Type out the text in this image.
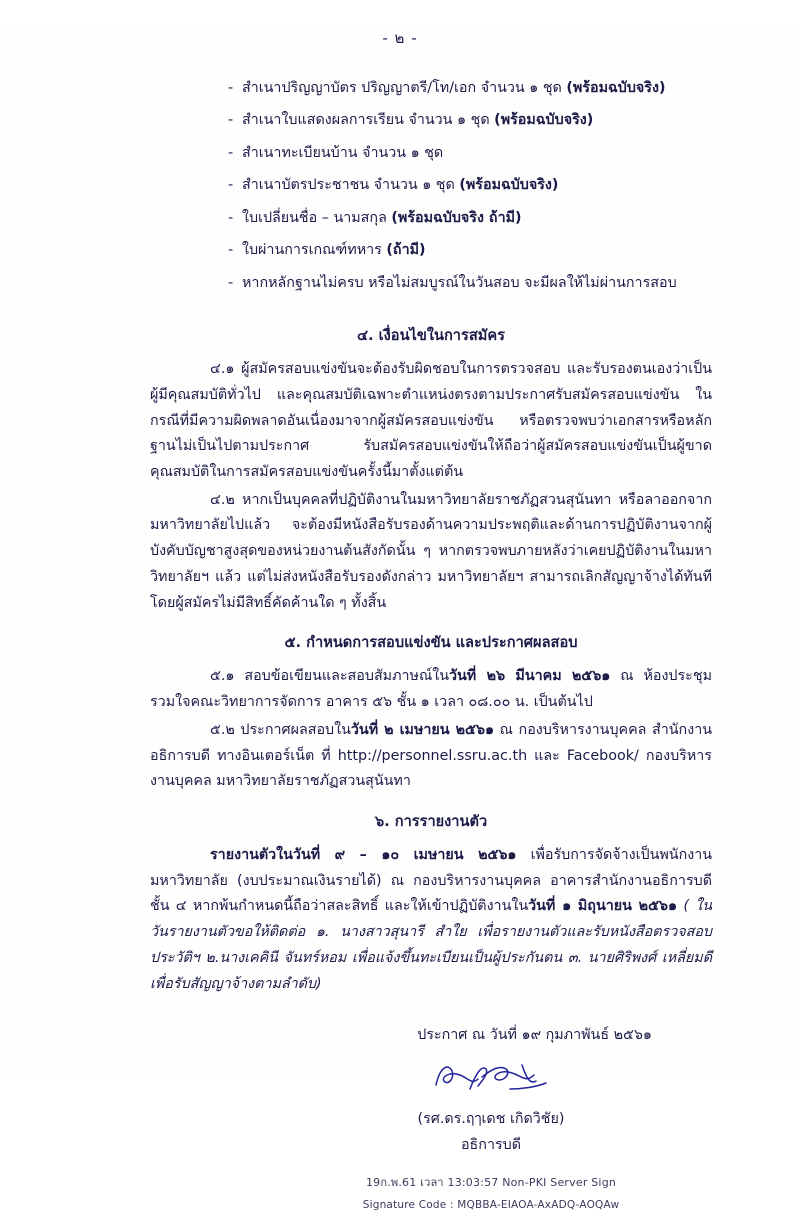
- ๒ -
- สำเนาปริญญาบัตร ปริญญาตรี/โท/เอก จำนวน ๑ ชุด (พร้อมฉบับจริง)
- สำเนาใบแสดงผลการเรียน จำนวน ๑ ชุด (พร้อมฉบับจริง)
- สำเนาทะเบียนบ้าน จำนวน ๑ ชุด
- สำเนาบัตรประชาชน จำนวน ๑ ชุด (พร้อมฉบับจริง)
- ใบเปลี่ยนชื่อ – นามสกุล (พร้อมฉบับจริง ถ้ามี)
- ใบผ่านการเกณฑ์ทหาร (ถ้ามี)
- หากหลักฐานไม่ครบ หรือไม่สมบูรณ์ในวันสอบ จะมีผลให้ไม่ผ่านการสอบ
๔. เงื่อนไขในการสมัคร
๔.๑ ผู้สมัครสอบแข่งขันจะต้องรับผิดชอบในการตรวจสอบ และรับรองตนเองว่าเป็นผู้มีคุณสมบัติทั่วไป และคุณสมบัติเฉพาะตำแหน่งตรงตามประกาศรับสมัครสอบแข่งขัน ในกรณีที่มีความผิดพลาดอันเนื่องมาจากผู้สมัครสอบแข่งขัน หรือตรวจพบว่าเอกสารหรือหลักฐานไม่เป็นไปตามประกาศ รับสมัครสอบแข่งขันให้ถือว่าผู้สมัครสอบแข่งขันเป็นผู้ขาดคุณสมบัติในการสมัครสอบแข่งขันครั้งนี้มาตั้งแต่ต้น
๔.๒ หากเป็นบุคคลที่ปฏิบัติงานในมหาวิทยาลัยราชภัฏสวนสุนันทา หรือลาออกจากมหาวิทยาลัยไปแล้ว จะต้องมีหนังสือรับรองด้านความประพฤติและด้านการปฏิบัติงานจากผู้บังคับบัญชาสูงสุดของหน่วยงานต้นสังกัดนั้น ๆ หากตรวจพบภายหลังว่าเคยปฏิบัติงานในมหาวิทยาลัยฯ แล้ว แต่ไม่ส่งหนังสือรับรองดังกล่าว มหาวิทยาลัยฯ สามารถเลิกสัญญาจ้างได้ทันที โดยผู้สมัครไม่มีสิทธิ์คัดค้านใด ๆ ทั้งสิ้น
๕. กำหนดการสอบแข่งขัน และประกาศผลสอบ
๕.๑ สอบข้อเขียนและสอบสัมภาษณ์ในวันที่ ๒๖ มีนาคม ๒๕๖๑ ณ ห้องประชุมรวมใจคณะวิทยาการจัดการ อาคาร ๕๖ ชั้น ๑ เวลา ๐๘.๐๐ น. เป็นต้นไป
๕.๒ ประกาศผลสอบในวันที่ ๒ เมษายน ๒๕๖๑ ณ กองบริหารงานบุคคล สำนักงานอธิการบดี ทางอินเตอร์เน็ต ที่ http://personnel.ssru.ac.th และ Facebook/ กองบริหารงานบุคคล มหาวิทยาลัยราชภัฏสวนสุนันทา
๖. การรายงานตัว
รายงานตัวในวันที่ ๙ – ๑๐ เมษายน ๒๕๖๑ เพื่อรับการจัดจ้างเป็นพนักงานมหาวิทยาลัย (งบประมาณเงินรายได้) ณ กองบริหารงานบุคคล อาคารสำนักงานอธิการบดี ชั้น ๔ หากพ้นกำหนดนี้ถือว่าสละสิทธิ์ และให้เข้าปฏิบัติงานในวันที่ ๑ มิถุนายน ๒๕๖๑ ( ในวันรายงานตัวขอให้ติดต่อ ๑. นางสาวสุนารี สำใย เพื่อรายงานตัวและรับหนังสือตรวจสอบประวัติฯ ๒.นางเคคินี จันทร์หอม เพื่อแจ้งขึ้นทะเบียนเป็นผู้ประกันตน ๓. นายศิริพงศ์ เหลี่ยมดี เพื่อรับสัญญาจ้างตามลำดับ)
ประกาศ ณ วันที่ ๑๙ กุมภาพันธ์ ๒๕๖๑
(รศ.ดร.ฤๅเดช เกิดวิชัย)
อธิการบดี
19ก.พ.61 เวลา 13:03:57 Non-PKI Server Sign
Signature Code : MQBBA-EIAOA-AxADQ-AOQAw
